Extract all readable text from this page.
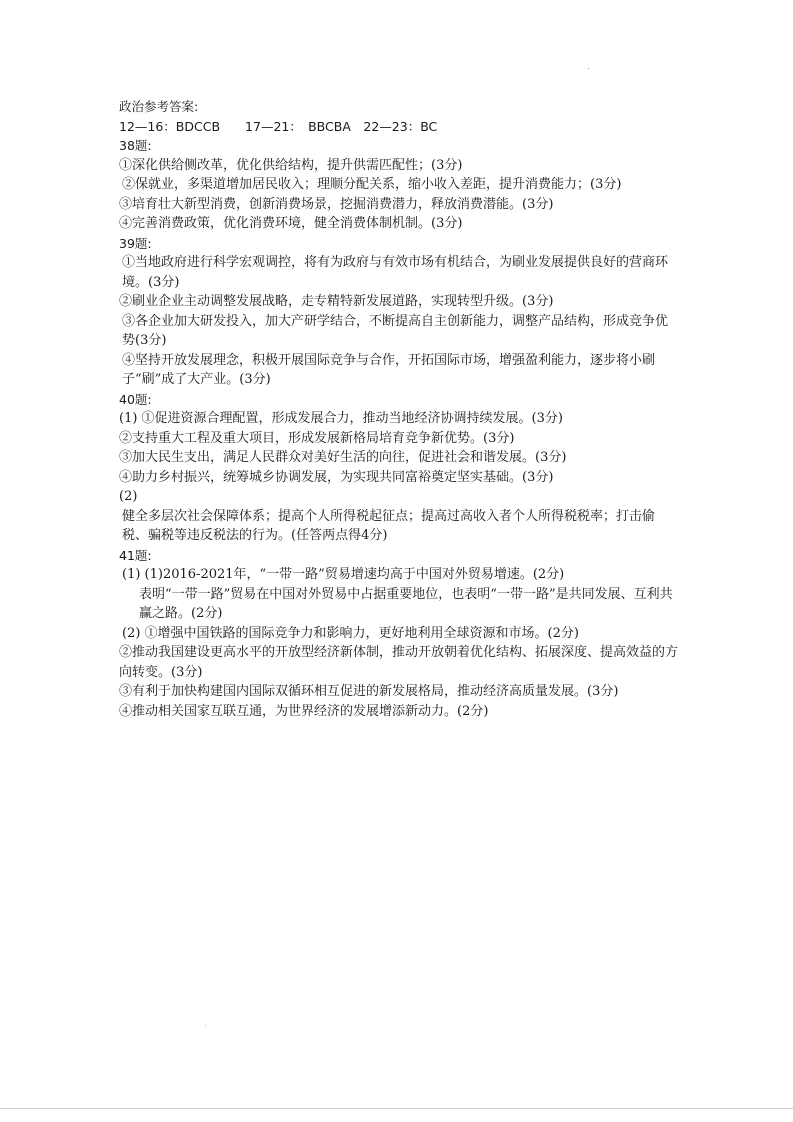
政治参考答案:
12—16：BDCCB　　17—21：　BBCBA　22—23：BC
38题:
①深化供给侧改革，优化供给结构，提升供需匹配性；(3分)
②保就业，多渠道增加居民收入；理顺分配关系，缩小收入差距，提升消费能力；(3分)
③培育壮大新型消费，创新消费场景，挖掘消费潜力，释放消费潜能。(3分)
④完善消费政策，优化消费环境，健全消费体制机制。(3分)
39题:
①当地政府进行科学宏观调控，将有为政府与有效市场有机结合，为刷业发展提供良好的营商环境。(3分)
②刷业企业主动调整发展战略，走专精特新发展道路，实现转型升级。(3分)
③各企业加大研发投入，加大产研学结合，不断提高自主创新能力，调整产品结构，形成竞争优势(3分)
④坚持开放发展理念，积极开展国际竞争与合作，开拓国际市场，增强盈利能力，逐步将小刷子“刷”成了大产业。(3分)
40题:
(1) ①促进资源合理配置，形成发展合力，推动当地经济协调持续发展。(3分)
②支持重大工程及重大项目，形成发展新格局培育竞争新优势。(3分)
③加大民生支出，满足人民群众对美好生活的向往，促进社会和谐发展。(3分)
④助力乡村振兴，统筹城乡协调发展，为实现共同富裕奠定坚实基础。(3分)
(2)
健全多层次社会保障体系；提高个人所得税起征点；提高过高收入者个人所得税税率；打击偷税、骗税等违反税法的行为。(任答两点得4分)
41题:
(1) (1)2016-2021年，“一带一路”贸易增速均高于中国对外贸易增速。(2分)
表明“一带一路”贸易在中国对外贸易中占据重要地位，也表明“一带一路”是共同发展、互利共赢之路。(2分)
(2) ①增强中国铁路的国际竞争力和影响力，更好地利用全球资源和市场。(2分)
②推动我国建设更高水平的开放型经济新体制，推动开放朝着优化结构、拓展深度、提高效益的方向转变。(3分)
③有利于加快构建国内国际双循环相互促进的新发展格局，推动经济高质量发展。(3分)
④推动相关国家互联互通，为世界经济的发展增添新动力。(2分)
